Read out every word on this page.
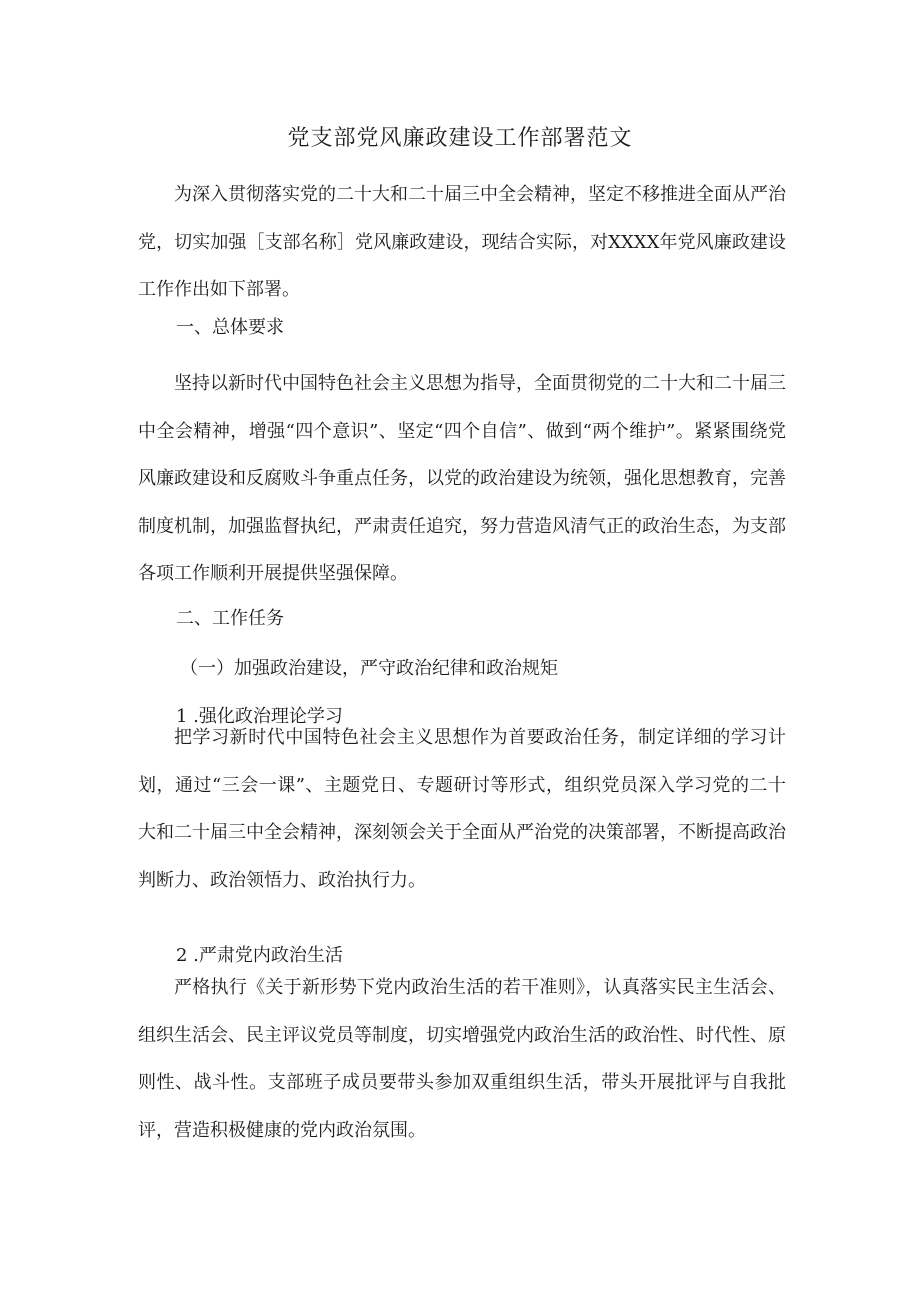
党支部党风廉政建设工作部署范文

为深入贯彻落实党的二十大和二十届三中全会精神，坚定不移推进全面从严治党，切实加强［支部名称］党风廉政建设，现结合实际，对XXXX年党风廉政建设工作作出如下部署。

一、总体要求

坚持以新时代中国特色社会主义思想为指导，全面贯彻党的二十大和二十届三中全会精神，增强“四个意识”、坚定“四个自信”、做到“两个维护”。紧紧围绕党风廉政建设和反腐败斗争重点任务，以党的政治建设为统领，强化思想教育，完善制度机制，加强监督执纪，严肃责任追究，努力营造风清气正的政治生态，为支部各项工作顺利开展提供坚强保障。

二、工作任务

（一）加强政治建设，严守政治纪律和政治规矩

1 .强化政治理论学习

把学习新时代中国特色社会主义思想作为首要政治任务，制定详细的学习计划，通过“三会一课”、主题党日、专题研讨等形式，组织党员深入学习党的二十大和二十届三中全会精神，深刻领会关于全面从严治党的决策部署，不断提高政治判断力、政治领悟力、政治执行力。

2 .严肃党内政治生活

严格执行《关于新形势下党内政治生活的若干准则》，认真落实民主生活会、组织生活会、民主评议党员等制度，切实增强党内政治生活的政治性、时代性、原则性、战斗性。支部班子成员要带头参加双重组织生活，带头开展批评与自我批评，营造积极健康的党内政治氛围。
